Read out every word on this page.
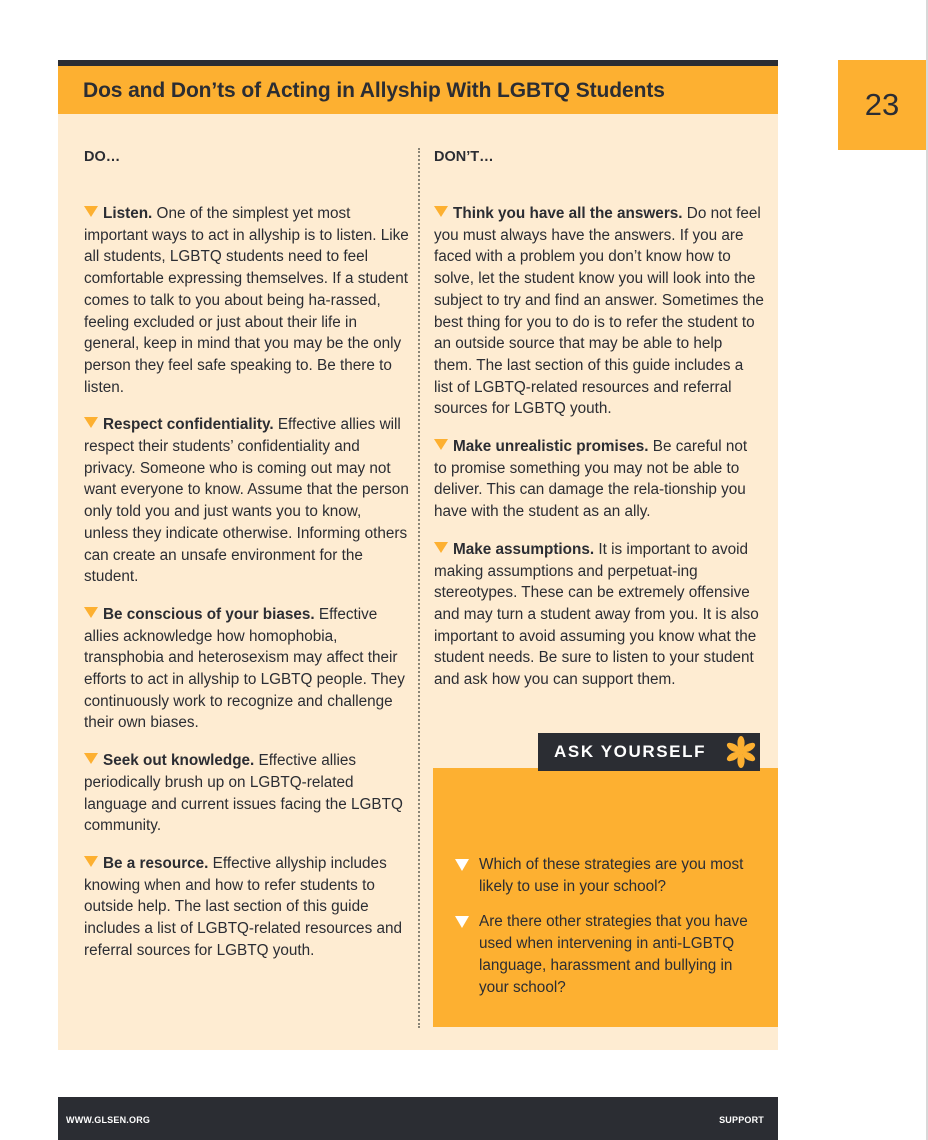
23
Dos and Don’ts of Acting in Allyship With LGBTQ Students
DO…

Listen. One of the simplest yet most important ways to act in allyship is to listen. Like all students, LGBTQ students need to feel comfortable expressing themselves. If a student comes to talk to you about being ha-rassed, feeling excluded or just about their life in general, keep in mind that you may be the only person they feel safe speaking to. Be there to listen.

Respect confidentiality. Effective allies will respect their students’ confidentiality and privacy. Someone who is coming out may not want everyone to know. Assume that the person only told you and just wants you to know, unless they indicate otherwise. Informing others can create an unsafe environment for the student.

Be conscious of your biases. Effective allies acknowledge how homophobia, transphobia and heterosexism may affect their efforts to act in allyship to LGBTQ people. They continuously work to recognize and challenge their own biases.

Seek out knowledge. Effective allies periodically brush up on LGBTQ-related language and current issues facing the LGBTQ community.

Be a resource. Effective allyship includes knowing when and how to refer students to outside help. The last section of this guide includes a list of LGBTQ-related resources and referral sources for LGBTQ youth.

DON’T…

Think you have all the answers. Do not feel you must always have the answers. If you are faced with a problem you don’t know how to solve, let the student know you will look into the subject to try and find an answer. Sometimes the best thing for you to do is to refer the student to an outside source that may be able to help them. The last section of this guide includes a list of LGBTQ-related resources and referral sources for LGBTQ youth.

Make unrealistic promises. Be careful not to promise something you may not be able to deliver. This can damage the rela-tionship you have with the student as an ally.

Make assumptions. It is important to avoid making assumptions and perpetuat-ing stereotypes. These can be extremely offensive and may turn a student away from you. It is also important to avoid assuming you know what the student needs. Be sure to listen to your student and ask how you can support them.

Which of these strategies are you most likely to use in your school?
Are there other strategies that you have used when intervening in anti-LGBTQ language, harassment and bullying in your school?
ASK YOURSELF
WWW.GLSEN.ORG	SUPPORT
